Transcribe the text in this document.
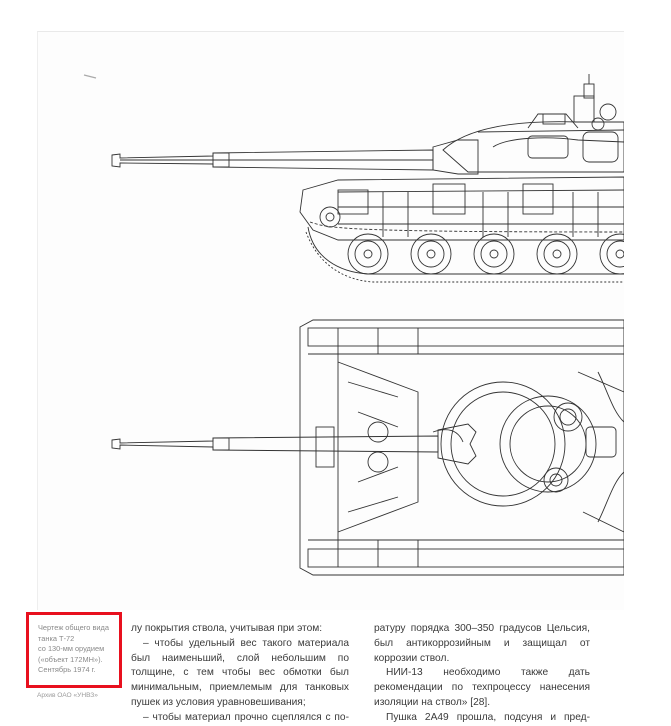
Чертеж общего вида
танка Т-72
со 130-мм орудием
(«объект 172МН»).
Сентябрь 1974 г.
Архив ОАО «УНВЗ»

лу покрытия ствола, учитывая при этом:

– чтобы удельный вес такого материала был наименьший, слой небольшим по толщине, с тем чтобы вес обмотки был минимальным, приемлемым для танковых пушек из условия уравновешивания;

– чтобы материал прочно сцеплялся с по-

ратуру порядка 300–350 градусов Цельсия, был антикоррозийным и защищал от коррозии ствол.

НИИ-13 необходимо также дать рекомендации по техпроцессу нанесения изоляции на ствол» [28].

Пушка 2А49 прошла, подсуня и пред-
